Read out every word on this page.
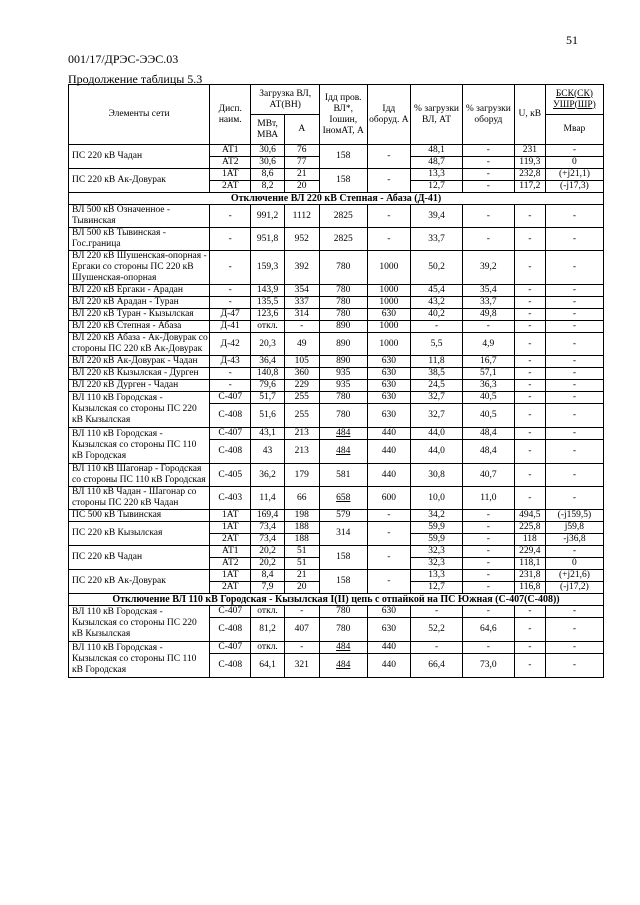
51
001/17/ДРЭС-ЭЭС.03
Продолжение таблицы 5.3
Элементы сети	Дисп. наим.	Загрузка ВЛ, АТ(ВН)		Iдд пров. ВЛ*, Iошин, IномАТ, А	Iдд оборуд. А	% загрузки ВЛ, АТ	% загрузки оборуд	U, кВ	БСК(СК) УШР(ШР)
		МВт, МВА	А						Мвар
ПС 220 кВ Чадан	АТ1	30,6	76	158	-	48,1	-	231	-
	АТ2	30,6	77			48,7	-	119,3	0
ПС 220 кВ Ак-Довурак	1АТ	8,6	21	158	-	13,3	-	232,8	(+j21,1)
	2АТ	8,2	20			12,7	-	117,2	(-j17,3)
Отключение ВЛ 220 кВ Степная - Абаза (Д-41)									
ВЛ 500 кВ Означенное - Тывинская	-	991,2	1112	2825	-	39,4	-	-	-
ВЛ 500 кВ Тывинская - Гос.граница	-	951,8	952	2825	-	33,7	-	-	-
ВЛ 220 кВ Шушенская-опорная - Ергаки со стороны ПС 220 кВ Шушенская-опорная	-	159,3	392	780	1000	50,2	39,2	-	-
ВЛ 220 кВ Ергаки - Арадан	-	143,9	354	780	1000	45,4	35,4	-	-
ВЛ 220 кВ Арадан - Туран	-	135,5	337	780	1000	43,2	33,7	-	-
ВЛ 220 кВ Туран - Кызылская	Д-47	123,6	314	780	630	40,2	49,8	-	-
ВЛ 220 кВ Степная - Абаза	Д-41	откл.	-	890	1000	-	-	-	-
ВЛ 220 кВ Абаза - Ак-Довурак со стороны ПС 220 кВ Ак-Довурак	Д-42	20,3	49	890	1000	5,5	4,9	-	-
ВЛ 220 кВ Ак-Довурак - Чадан	Д-43	36,4	105	890	630	11,8	16,7	-	-
ВЛ 220 кВ Кызылская - Дурген	-	140,8	360	935	630	38,5	57,1	-	-
ВЛ 220 кВ Дурген - Чадан	-	79,6	229	935	630	24,5	36,3	-	-
ВЛ 110 кВ Городская - Кызылская со стороны ПС 220 кВ Кызылская	С-407	51,7	255	780	630	32,7	40,5	-	-
	С-408	51,6	255	780	630	32,7	40,5	-	-
ВЛ 110 кВ Городская - Кызылская со стороны ПС 110 кВ Городская	С-407	43,1	213	484	440	44,0	48,4	-	-
	С-408	43	213	484	440	44,0	48,4	-	-
ВЛ 110 кВ Шагонар - Городская со стороны ПС 110 кВ Городская	С-405	36,2	179	581	440	30,8	40,7	-	-
ВЛ 110 кВ Чадан - Шагонар со стороны ПС 220 кВ Чадан	С-403	11,4	66	658	600	10,0	11,0	-	-
ПС 500 кВ Тывинская	1АТ	169,4	198	579	-	34,2	-	494,5	(-j159,5)
ПС 220 кВ Кызылская	1АТ	73,4	188	314	-	59,9	-	225,8	j59,8
	2АТ	73,4	188			59,9	-	118	-j36,8
ПС 220 кВ Чадан	АТ1	20,2	51	158	-	32,3	-	229,4	-
	АТ2	20,2	51			32,3	-	118,1	0
ПС 220 кВ Ак-Довурак	1АТ	8,4	21	158	-	13,3	-	231,8	(+j21,6)
	2АТ	7,9	20			12,7	-	116,8	(-j17,2)
Отключение ВЛ 110 кВ Городская - Кызылская I(II) цепь с отпайкой на ПС Южная (С-407(С-408))									
ВЛ 110 кВ Городская - Кызылская со стороны ПС 220 кВ Кызылская	С-407	откл.	-	780	630	-	-	-	-
	С-408	81,2	407	780	630	52,2	64,6	-	-
ВЛ 110 кВ Городская - Кызылская со стороны ПС 110 кВ Городская	С-407	откл.	-	484	440	-	-	-	-
	С-408	64,1	321	484	440	66,4	73,0	-	-
